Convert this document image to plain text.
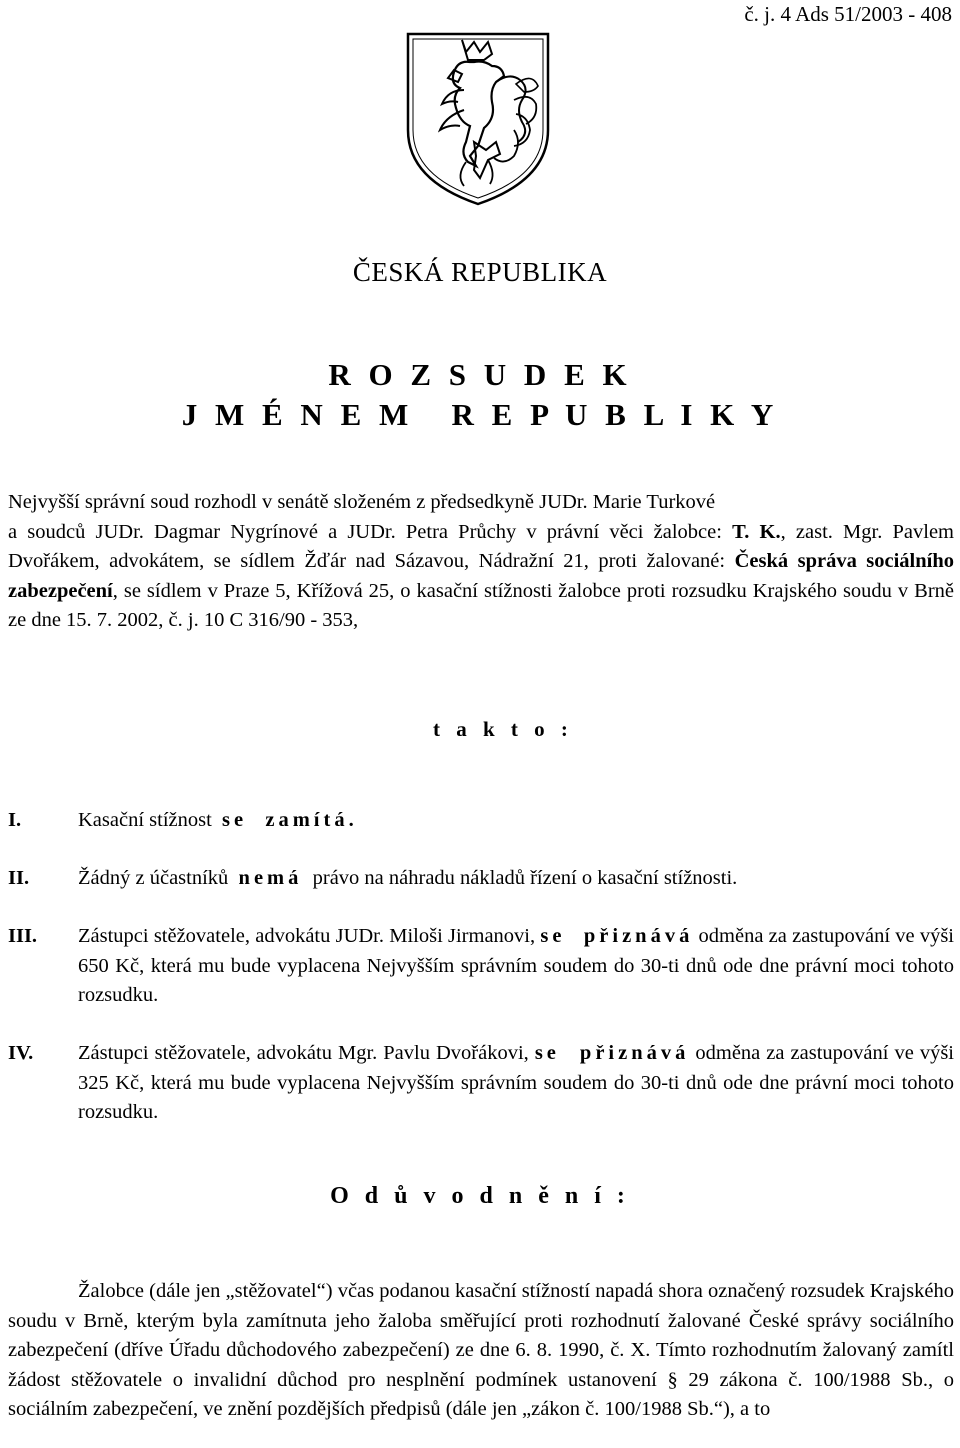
č. j. 4 Ads 51/2003 - 408
ČESKÁ REPUBLIKA
R O Z S U D E K
J M É N E M   R E P U B L I K Y
Nejvyšší správní soud rozhodl v senátě složeném z předsedkyně JUDr. Marie Turkové
a soudců JUDr. Dagmar Nygrínové a JUDr. Petra Průchy v právní věci žalobce: T. K., zast. Mgr. Pavlem Dvořákem, advokátem, se sídlem Žďár nad Sázavou, Nádražní 21, proti žalované: Česká správa sociálního zabezpečení, se sídlem v Praze 5, Křížová 25, o kasační stížnosti žalobce proti rozsudku Krajského soudu v Brně ze dne 15. 7. 2002, č. j. 10 C 316/90 - 353,
t a k t o :
I.	Kasační stížnost  se  zamítá.
II. Žádný z účastníků  nemá  právo na náhradu nákladů řízení o kasační stížnosti.
III. Zástupci stěžovatele, advokátu JUDr. Miloši Jirmanovi, se  přiznává odměna za zastupování ve výši 650 Kč, která mu bude vyplacena Nejvyšším správním soudem do 30-ti dnů ode dne právní moci tohoto rozsudku.
IV. Zástupci stěžovatele, advokátu Mgr. Pavlu Dvořákovi, se  přiznává odměna za zastupování ve výši 325 Kč, která mu bude vyplacena Nejvyšším správním soudem do 30-ti dnů ode dne právní moci tohoto rozsudku.
O d ů v o d n ě n í :

Žalobce (dále jen „stěžovatel“) včas podanou kasační stížností napadá shora označený rozsudek Krajského soudu v Brně, kterým byla zamítnuta jeho žaloba směřující proti rozhodnutí žalované České správy sociálního zabezpečení (dříve Úřadu důchodového zabezpečení) ze dne 6. 8. 1990, č. X. Tímto rozhodnutím žalovaný zamítl žádost stěžovatele o invalidní důchod pro nesplnění podmínek ustanovení § 29 zákona č. 100/1988 Sb., o sociálním zabezpečení, ve znění pozdějších předpisů (dále jen „zákon č. 100/1988 Sb.“), a to
